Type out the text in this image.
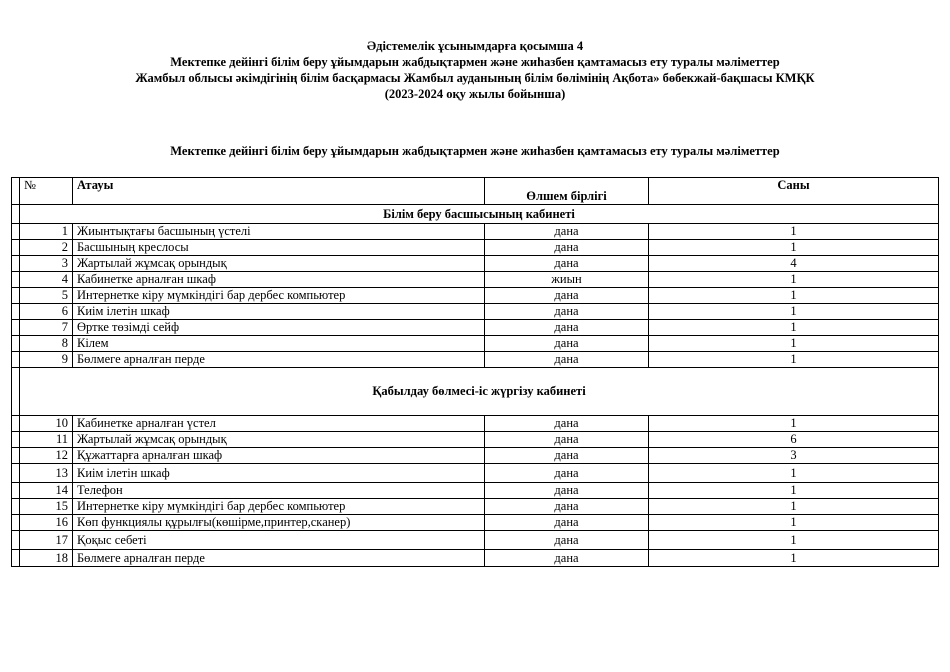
Әдістемелік ұсынымдарға қосымша 4
Мектепке дейінгі білім беру ұйымдарын жабдықтармен және жиһазбен қамтамасыз ету туралы мәліметтер
Жамбыл облысы әкімдігінің білім басқармасы Жамбыл ауданының білім бөлімінің Ақбота» бөбекжай-бақшасы КМҚК
(2023-2024 оқу жылы бойынша)
Мектепке дейінгі білім беру ұйымдарын жабдықтармен және жиһазбен қамтамасыз ету туралы мәліметтер
	№	Атауы	Өлшем бірлігі	Саны
	Білім беру басшысының кабинеті			
	1	Жиынтықтағы басшының үстелі	дана	1
	2	Басшының креслосы	дана	1
	3	Жартылай жұмсақ орындық	дана	4
	4	Кабинетке арналған шкаф	жиын	1
	5	Интернетке кіру мүмкіндігі бар дербес компьютер	дана	1
	6	Киім ілетін шкаф	дана	1
	7	Өртке төзімді сейф	дана	1
	8	Кілем	дана	1
	9	Бөлмеге арналған перде	дана	1
	Қабылдау бөлмесі-іс жүргізу кабинеті			
	10	Кабинетке арналған үстел	дана	1
	11	Жартылай жұмсақ орындық	дана	6
	12	Құжаттарға арналған шкаф	дана	3
	13	Киім ілетін шкаф	дана	1
	14	Телефон	дана	1
	15	Интернетке кіру мүмкіндігі бар дербес компьютер	дана	1
	16	Көп функциялы құрылғы(көшірме,принтер,сканер)	дана	1
	17	Қоқыс себеті	дана	1
	18	Бөлмеге арналған перде	дана	1
